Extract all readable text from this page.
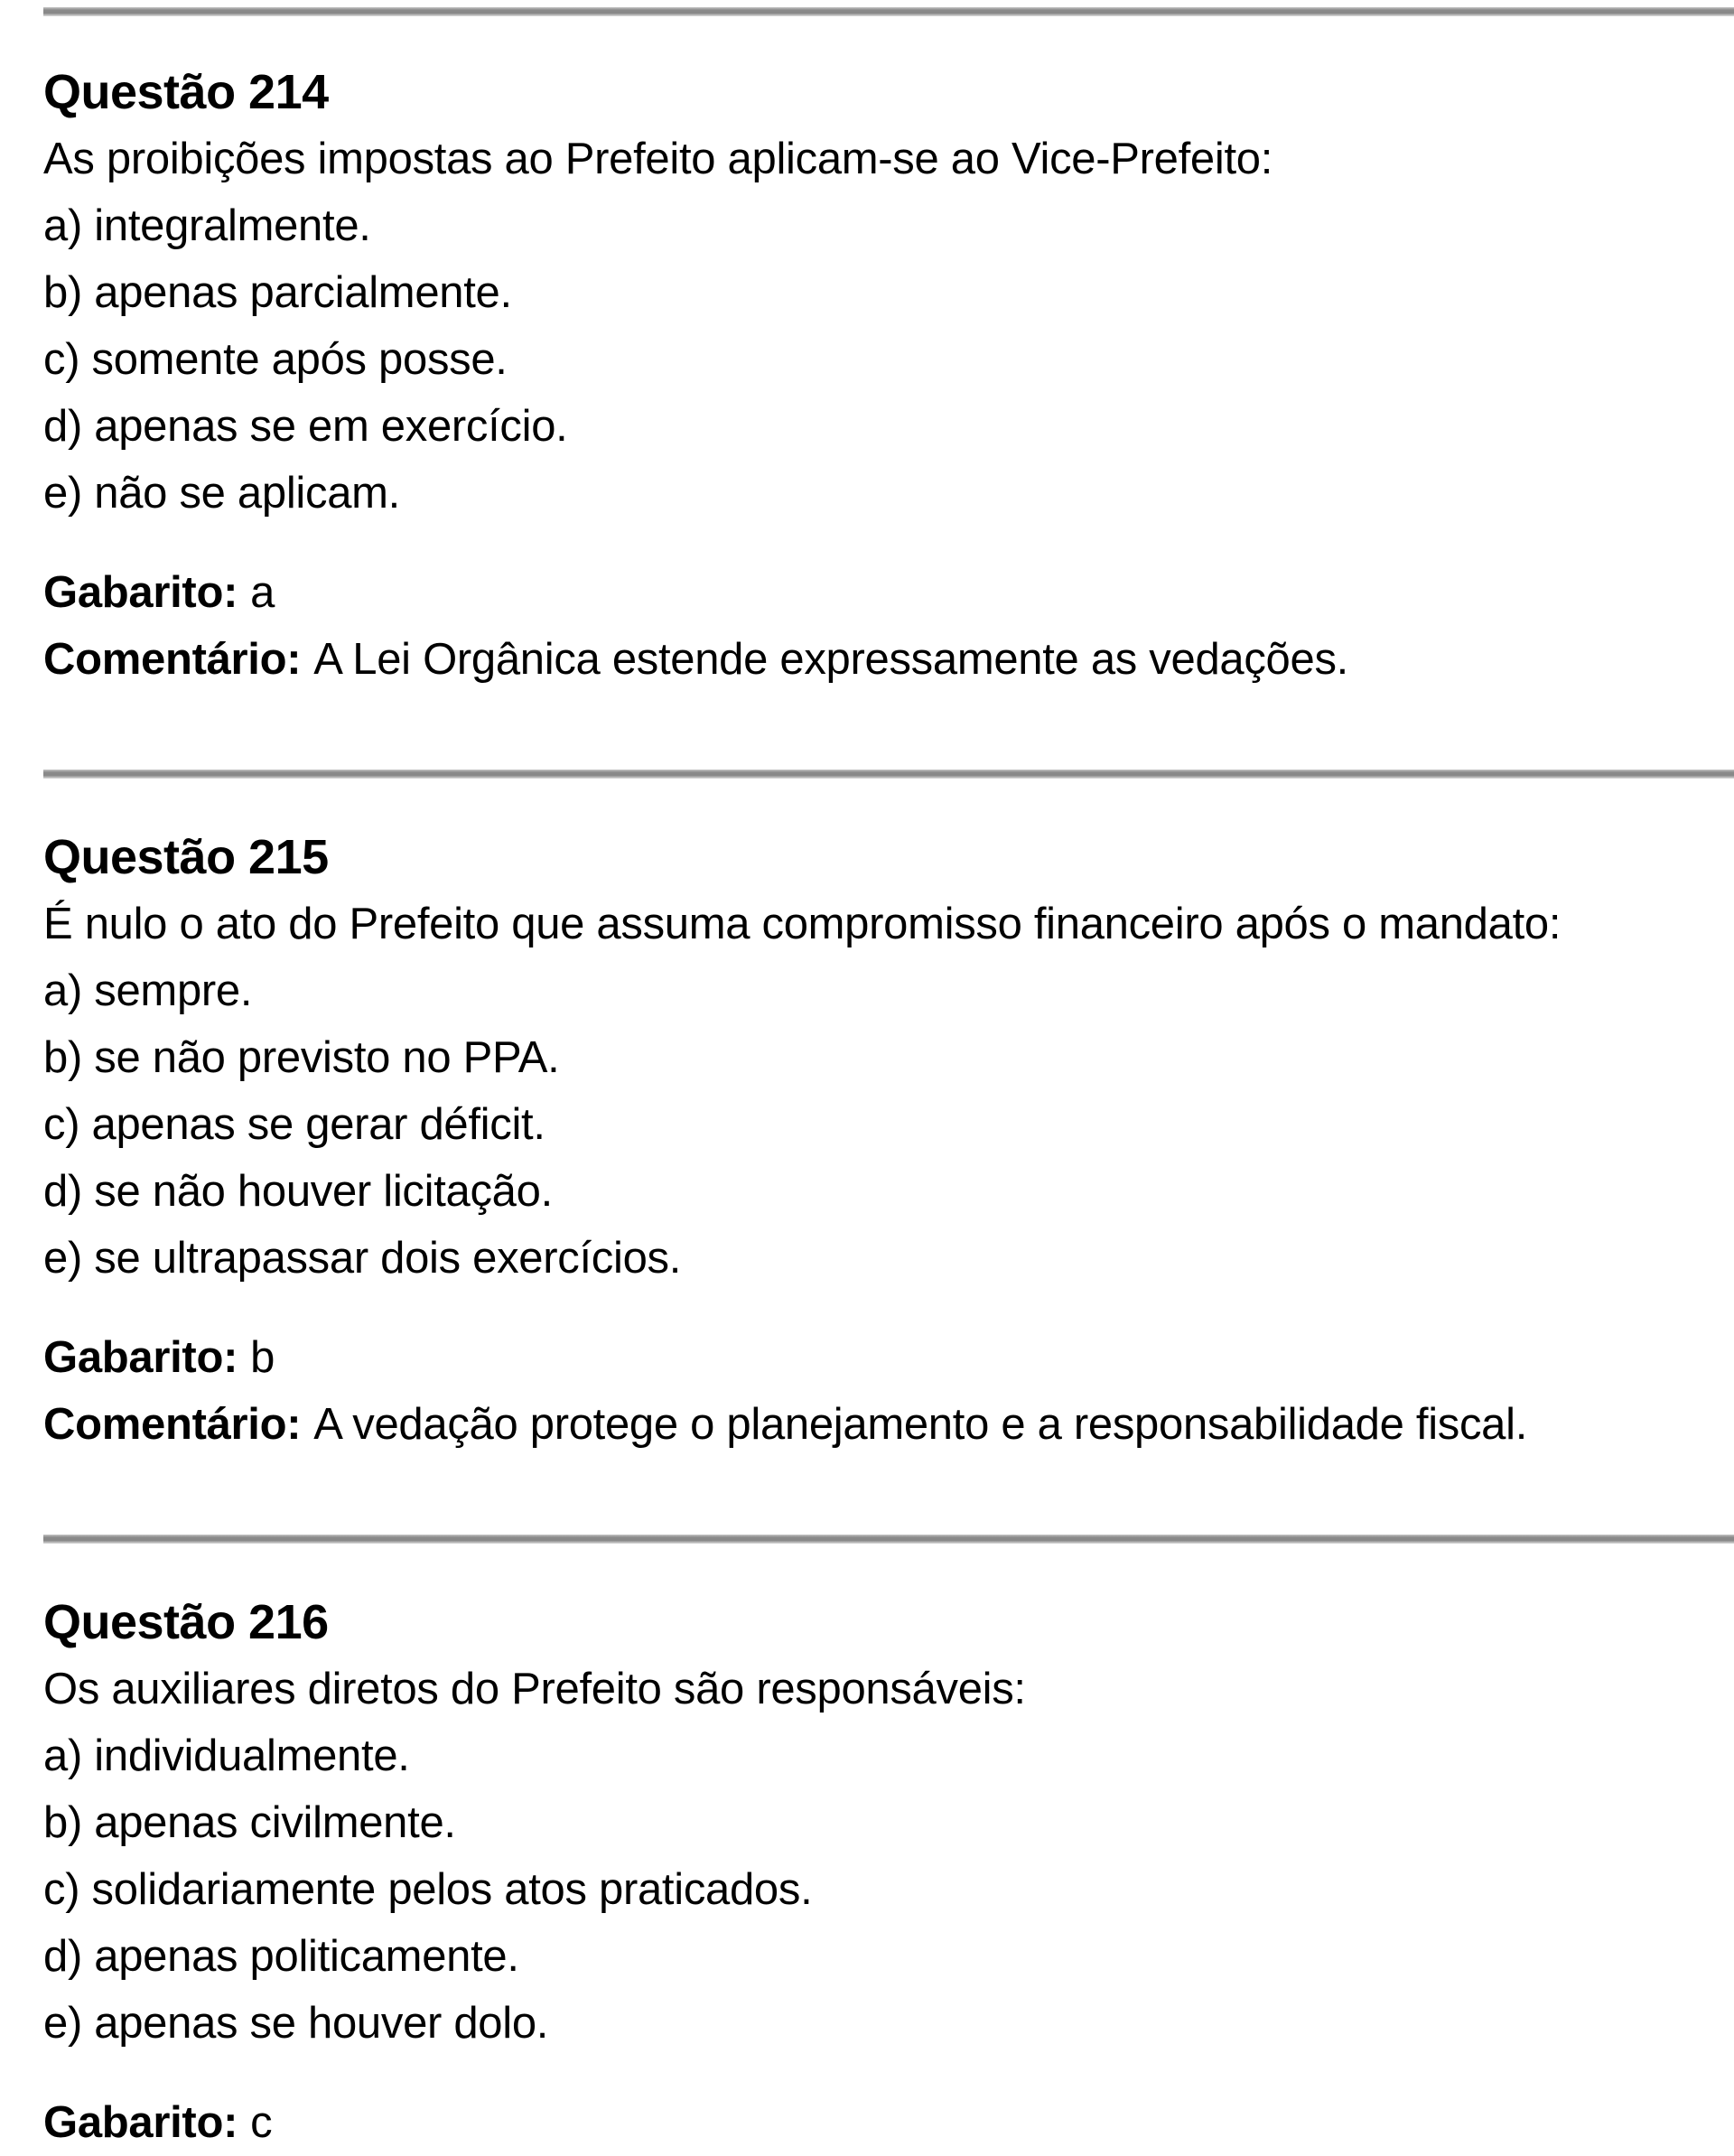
Questão 214

As proibições impostas ao Prefeito aplicam-se ao Vice-Prefeito:

a) integralmente.

b) apenas parcialmente.

c) somente após posse.

d) apenas se em exercício.

e) não se aplicam.

Gabarito: a

Comentário: A Lei Orgânica estende expressamente as vedações.

Questão 215

É nulo o ato do Prefeito que assuma compromisso financeiro após o mandato:

a) sempre.

b) se não previsto no PPA.

c) apenas se gerar déficit.

d) se não houver licitação.

e) se ultrapassar dois exercícios.

Gabarito: b

Comentário: A vedação protege o planejamento e a responsabilidade fiscal.

Questão 216

Os auxiliares diretos do Prefeito são responsáveis:

a) individualmente.

b) apenas civilmente.

c) solidariamente pelos atos praticados.

d) apenas politicamente.

e) apenas se houver dolo.

Gabarito: c
